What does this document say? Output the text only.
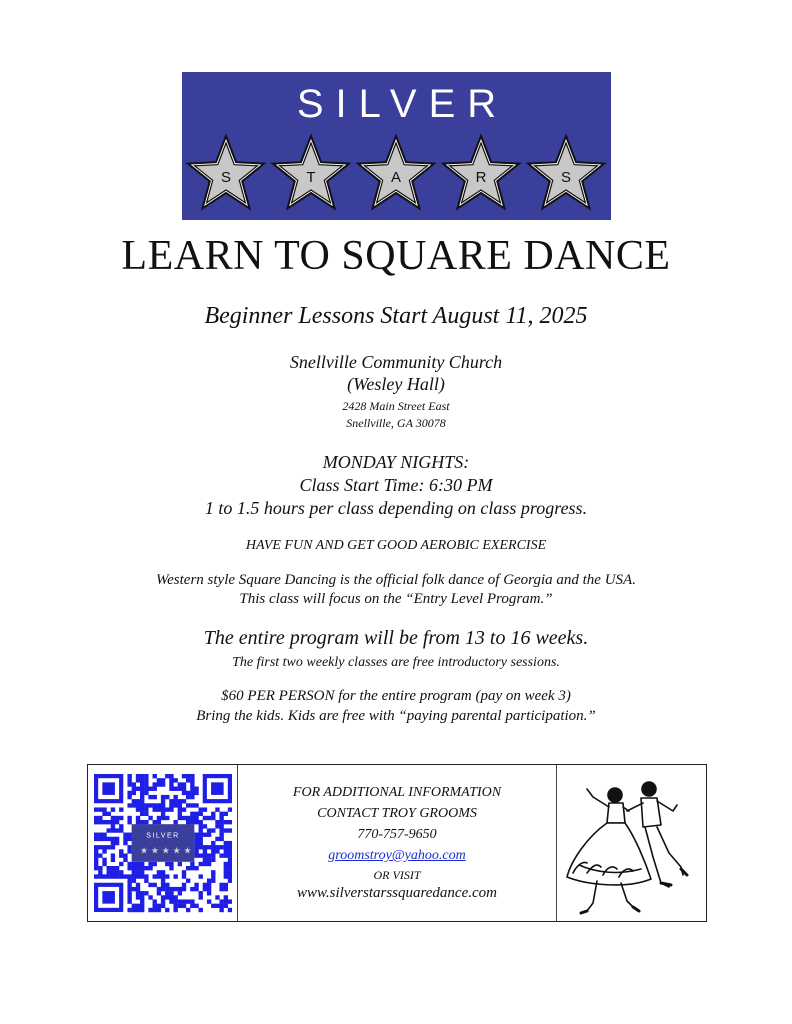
SILVER
S	T	A	R	S
LEARN TO SQUARE DANCE
Beginner Lessons Start August 11, 2025
Snellville Community Church
(Wesley Hall)
2428 Main Street East
Snellville, GA 30078
MONDAY NIGHTS:
Class Start Time: 6:30 PM
1 to 1.5 hours per class depending on class progress.
HAVE FUN AND GET GOOD AEROBIC EXERCISE
Western style Square Dancing is the official folk dance of Georgia and the USA.
This class will focus on the “Entry Level Program.”
The entire program will be from 13 to 16 weeks.
The first two weekly classes are free introductory sessions.
$60 PER PERSON for the entire program (pay on week 3)
Bring the kids. Kids are free with “paying parental participation.”
SILVER
★ ★ ★ ★ ★
FOR ADDITIONAL INFORMATION
CONTACT TROY GROOMS
770-757-9650
groomstroy@yahoo.com
OR VISIT
www.silverstarssquaredance.com
